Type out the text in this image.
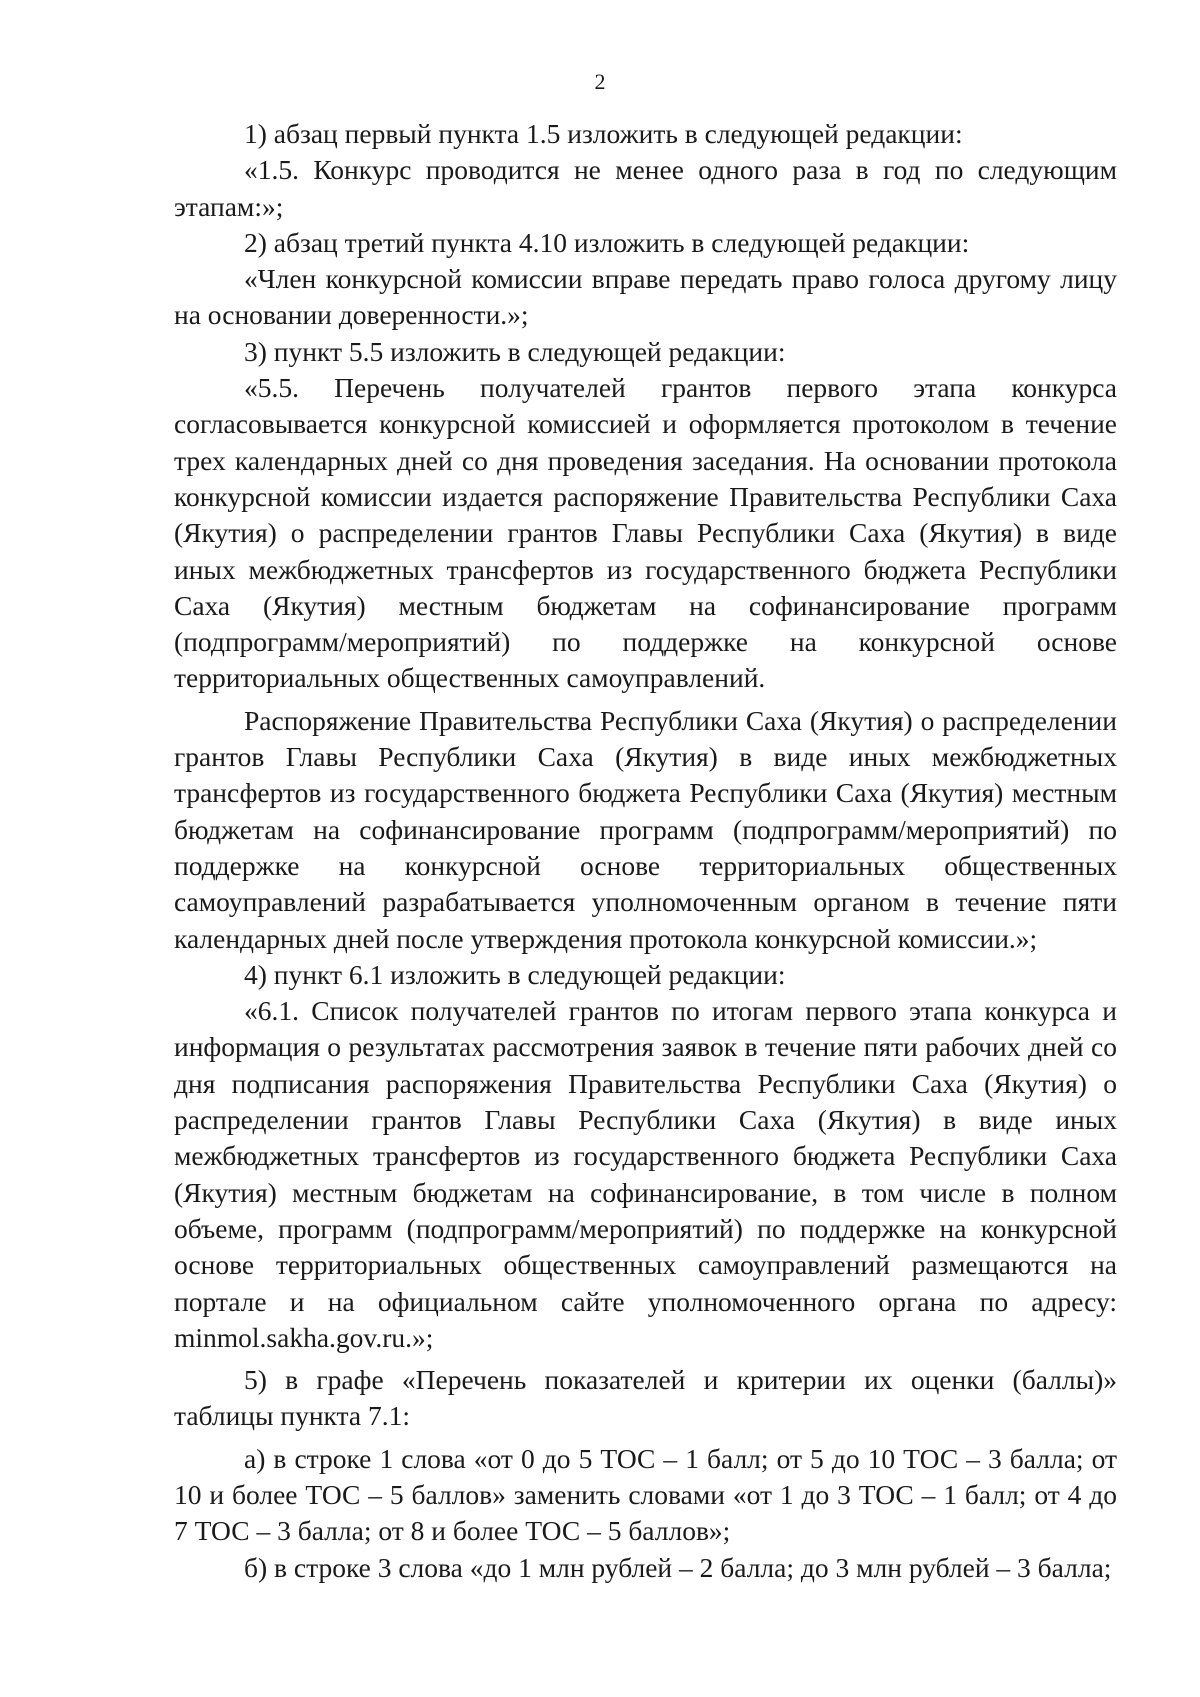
2

1) абзац первый пункта 1.5 изложить в следующей редакции:

«1.5. Конкурс проводится не менее одного раза в год по следующим этапам:»;

2) абзац третий пункта 4.10 изложить в следующей редакции:

«Член конкурсной комиссии вправе передать право голоса другому лицу на основании доверенности.»;

3) пункт 5.5 изложить в следующей редакции:

«5.5. Перечень получателей грантов первого этапа конкурса согласовывается конкурсной комиссией и оформляется протоколом в течение трех календарных дней со дня проведения заседания. На основании протокола конкурсной комиссии издается распоряжение Правительства Республики Саха (Якутия) о распределении грантов Главы Республики Саха (Якутия) в виде иных межбюджетных трансфертов из государственного бюджета Республики Саха (Якутия) местным бюджетам на софинансирование программ (подпрограмм/мероприятий) по поддержке на конкурсной основе территориальных общественных самоуправлений.

Распоряжение Правительства Республики Саха (Якутия) о распределении грантов Главы Республики Саха (Якутия) в виде иных межбюджетных трансфертов из государственного бюджета Республики Саха (Якутия) местным бюджетам на софинансирование программ (подпрограмм/мероприятий) по поддержке на конкурсной основе территориальных общественных самоуправлений разрабатывается уполномоченным органом в течение пяти календарных дней после утверждения протокола конкурсной комиссии.»;

4) пункт 6.1 изложить в следующей редакции:

«6.1. Список получателей грантов по итогам первого этапа конкурса и информация о результатах рассмотрения заявок в течение пяти рабочих дней со дня подписания распоряжения Правительства Республики Саха (Якутия) о распределении грантов Главы Республики Саха (Якутия) в виде иных межбюджетных трансфертов из государственного бюджета Республики Саха (Якутия) местным бюджетам на софинансирование, в том числе в полном объеме, программ (подпрограмм/мероприятий) по поддержке на конкурсной основе территориальных общественных самоуправлений размещаются на портале и на официальном сайте уполномоченного органа по адресу: minmol.sakha.gov.ru.»;

5) в графе «Перечень показателей и критерии их оценки (баллы)» таблицы пункта 7.1:

а) в строке 1 слова «от 0 до 5 ТОС – 1 балл; от 5 до 10 ТОС – 3 балла; от 10 и более ТОС – 5 баллов» заменить словами «от 1 до 3 ТОС – 1 балл; от 4 до 7 ТОС – 3 балла; от 8 и более ТОС – 5 баллов»;

б) в строке 3 слова «до 1 млн рублей – 2 балла; до 3 млн рублей – 3 балла;
